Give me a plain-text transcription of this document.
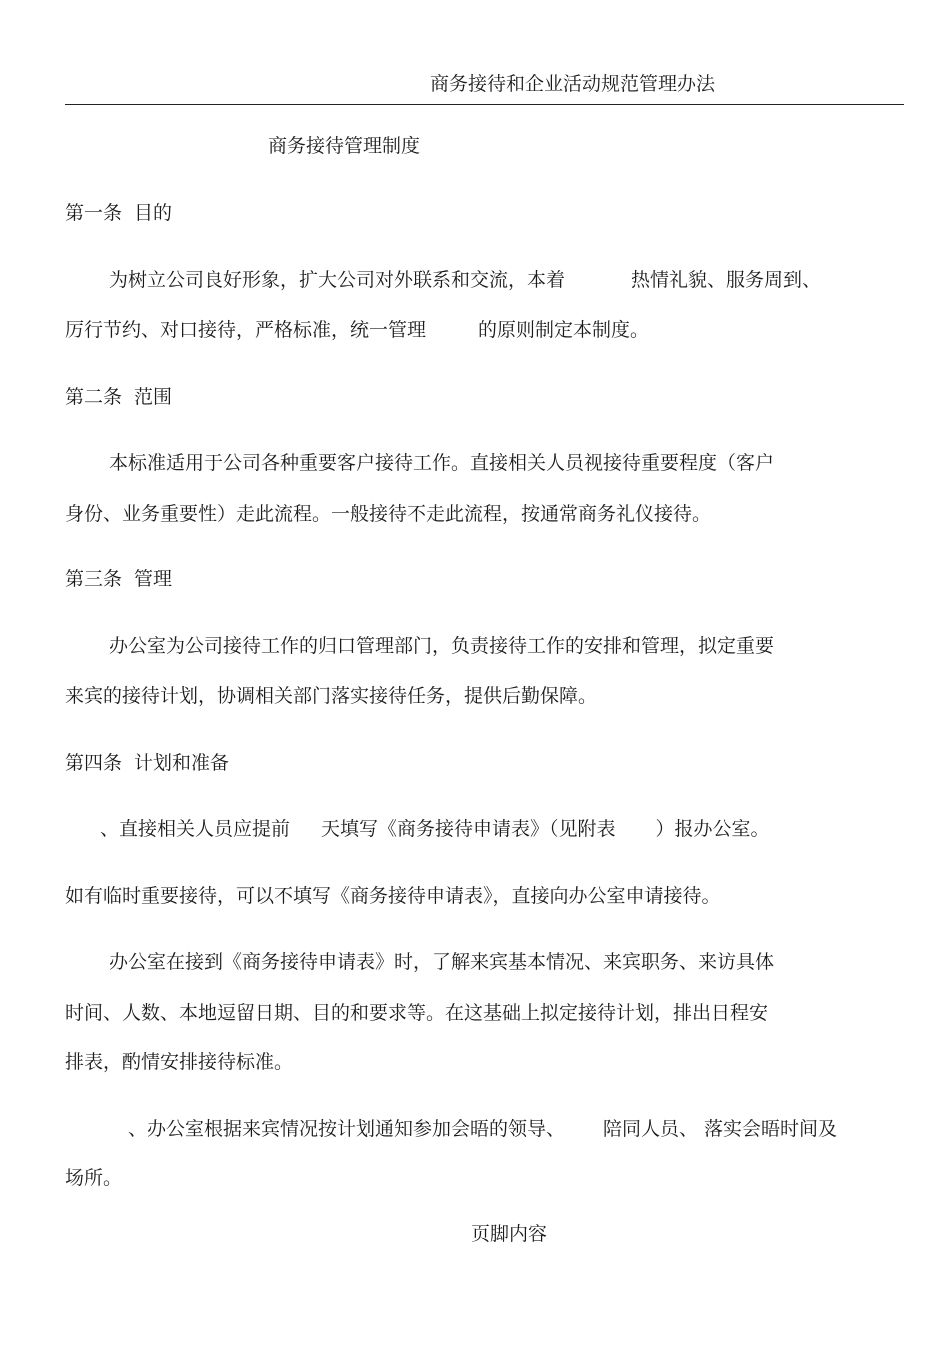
商务接待和企业活动规范管理办法
商务接待管理制度
第一条 目的
为树立公司良好形象，扩大公司对外联系和交流，本着	热情礼貌、服务周到、
厉行节约、对口接待，严格标准，统一管理	的原则制定本制度。
第二条 范围
本标准适用于公司各种重要客户接待工作。直接相关人员视接待重要程度（客户
身份、业务重要性）走此流程。一般接待不走此流程，按通常商务礼仪接待。
第三条 管理
办公室为公司接待工作的归口管理部门，负责接待工作的安排和管理，拟定重要
来宾的接待计划，协调相关部门落实接待任务，提供后勤保障。
第四条 计划和准备
、直接相关人员应提前 天填写《商务接待申请表》（见附表 ）报办公室。
如有临时重要接待，可以不填写《商务接待申请表》，直接向办公室申请接待。
办公室在接到《商务接待申请表》时，了解来宾基本情况、来宾职务、来访具体
时间、人数、本地逗留日期、目的和要求等。在这基础上拟定接待计划，排出日程安
排表，酌情安排接待标准。
、办公室根据来宾情况按计划通知参加会晤的领导、 陪同人员、 落实会晤时间及
场所。
页脚内容
